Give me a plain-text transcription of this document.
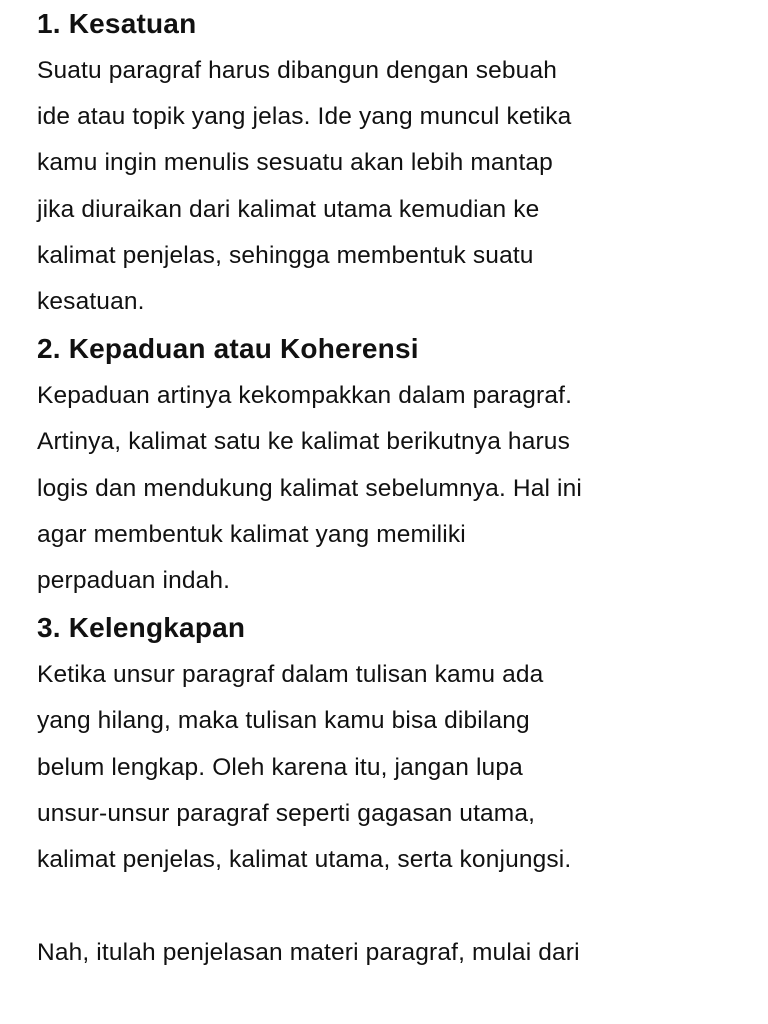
1. Kesatuan

Suatu paragraf harus dibangun dengan sebuah
ide atau topik yang jelas. Ide yang muncul ketika
kamu ingin menulis sesuatu akan lebih mantap
jika diuraikan dari kalimat utama kemudian ke
kalimat penjelas, sehingga membentuk suatu
kesatuan.

2. Kepaduan atau Koherensi

Kepaduan artinya kekompakkan dalam paragraf.
Artinya, kalimat satu ke kalimat berikutnya harus
logis dan mendukung kalimat sebelumnya. Hal ini
agar membentuk kalimat yang memiliki
perpaduan indah.

3. Kelengkapan

Ketika unsur paragraf dalam tulisan kamu ada
yang hilang, maka tulisan kamu bisa dibilang
belum lengkap. Oleh karena itu, jangan lupa
unsur-unsur paragraf seperti gagasan utama,
kalimat penjelas, kalimat utama, serta konjungsi.

Nah, itulah penjelasan materi paragraf, mulai dari
